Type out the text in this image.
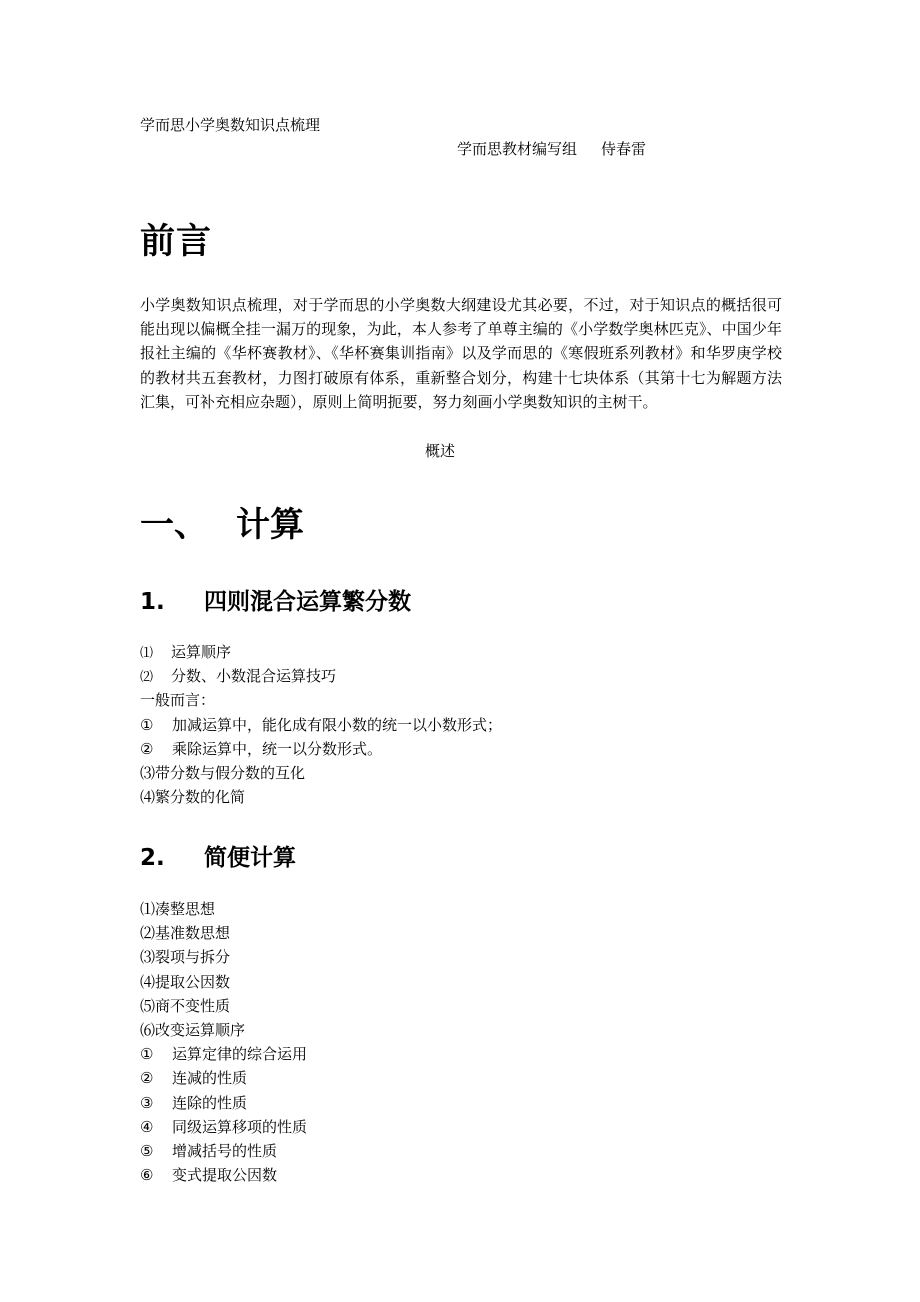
学而思小学奥数知识点梳理
学而思教材编写组 侍春雷
前言

小学奥数知识点梳理，对于学而思的小学奥数大纲建设尤其必要，不过，对于知识点的概括很可能出现以偏概全挂一漏万的现象，为此，本人参考了单尊主编的《小学数学奥林匹克》、中国少年报社主编的《华杯赛教材》、《华杯赛集训指南》以及学而思的《寒假班系列教材》和华罗庚学校的教材共五套教材，力图打破原有体系，重新整合划分，构建十七块体系（其第十七为解题方法汇集，可补充相应杂题），原则上简明扼要，努力刻画小学奥数知识的主树干。

概述
一、 计算
1. 四则混合运算繁分数
⑴ 运算顺序
⑵ 分数、小数混合运算技巧
一般而言：
① 加减运算中，能化成有限小数的统一以小数形式；
② 乘除运算中，统一以分数形式。
⑶带分数与假分数的互化
⑷繁分数的化简
2. 简便计算
⑴凑整思想
⑵基准数思想
⑶裂项与拆分
⑷提取公因数
⑸商不变性质
⑹改变运算顺序
① 运算定律的综合运用
② 连减的性质
③ 连除的性质
④ 同级运算移项的性质
⑤ 增减括号的性质
⑥ 变式提取公因数
